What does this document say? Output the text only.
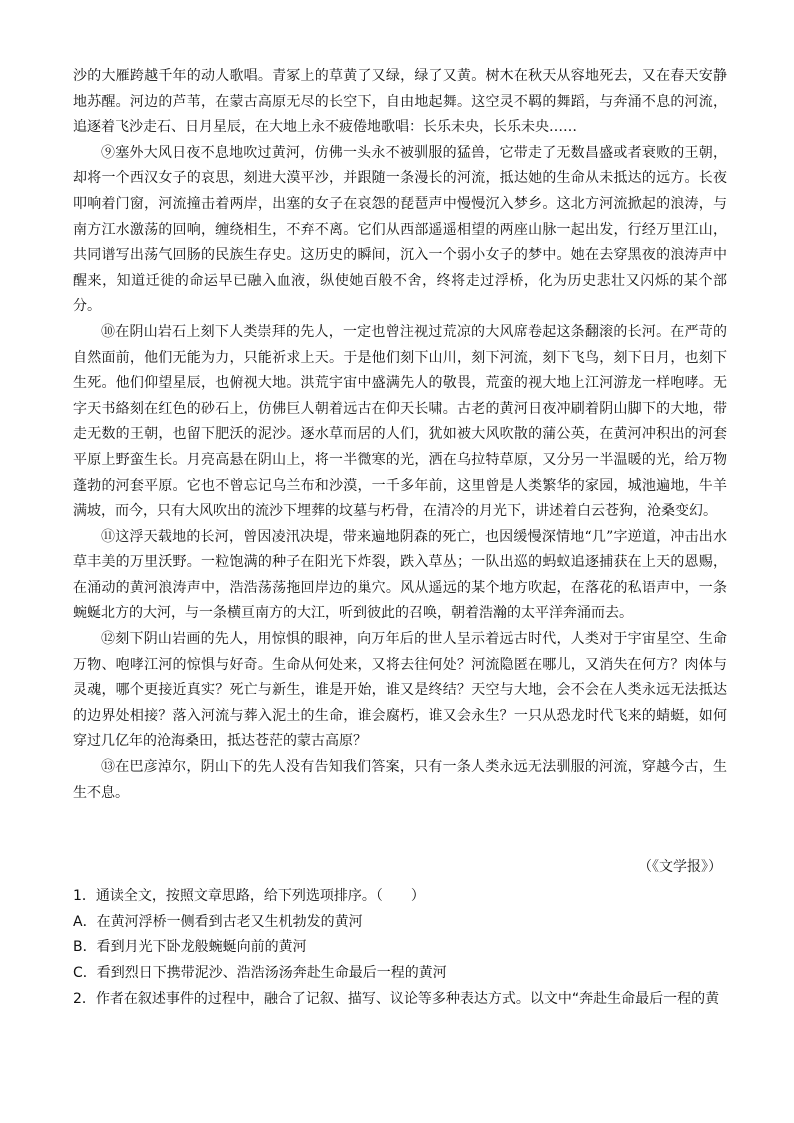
沙的大雁跨越千年的动人歌唱。青冢上的草黄了又绿，绿了又黄。树木在秋天从容地死去，又在春天安静地苏醒。河边的芦苇，在蒙古高原无尽的长空下，自由地起舞。这空灵不羁的舞蹈，与奔涌不息的河流，追逐着飞沙走石、日月星辰，在大地上永不疲倦地歌唱：长乐未央，长乐未央……

⑨塞外大风日夜不息地吹过黄河，仿佛一头永不被驯服的猛兽，它带走了无数昌盛或者衰败的王朝，却将一个西汉女子的哀思，刻进大漠平沙，并跟随一条漫长的河流，抵达她的生命从未抵达的远方。长夜叩响着门窗，河流撞击着两岸，出塞的女子在哀怨的琵琶声中慢慢沉入梦乡。这北方河流掀起的浪涛，与南方江水激荡的回响，缠绕相生，不弃不离。它们从西部遥遥相望的两座山脉一起出发，行经万里江山，共同谱写出荡气回肠的民族生存史。这历史的瞬间，沉入一个弱小女子的梦中。她在去穿黑夜的浪涛声中醒来，知道迁徙的命运早已融入血液，纵使她百般不舍，终将走过浮桥，化为历史悲壮又闪烁的某个部分。

⑩在阴山岩石上刻下人类崇拜的先人，一定也曾注视过荒凉的大风席卷起这条翻滚的长河。在严苛的自然面前，他们无能为力，只能祈求上天。于是他们刻下山川，刻下河流，刻下飞鸟，刻下日月，也刻下生死。他们仰望星辰，也俯视大地。洪荒宇宙中盛满先人的敬畏，荒蛮的视大地上江河游龙一样咆哮。无字天书絡刻在红色的砂石上，仿佛巨人朝着远古在仰天长啸。古老的黄河日夜冲刷着阴山脚下的大地，带走无数的王朝，也留下肥沃的泥沙。逐水草而居的人们，犹如被大风吹散的蒲公英，在黄河冲积出的河套平原上野蛮生长。月亮高悬在阴山上，将一半微寒的光，洒在乌拉特草原，又分另一半温暖的光，给万物蓬勃的河套平原。它也不曾忘记乌兰布和沙漠，一千多年前，这里曾是人类繁华的家园，城池遍地，牛羊满坡，而今，只有大风吹出的流沙下埋葬的坟墓与朽骨，在清冷的月光下，讲述着白云苍狗，沧桑变幻。

⑪这浮天载地的长河，曾因凌汛决堤，带来遍地阴森的死亡，也因缓慢深情地“几”字逆道，冲击出水草丰美的万里沃野。一粒饱满的种子在阳光下炸裂，跌入草丛；一队出巡的蚂蚁追逐捕获在上天的恩赐，在涌动的黄河浪涛声中，浩浩荡荡拖回岸边的巢穴。风从遥远的某个地方吹起，在落花的私语声中，一条蜿蜒北方的大河，与一条横亘南方的大江，听到彼此的召唤，朝着浩瀚的太平洋奔涌而去。

⑫刻下阴山岩画的先人，用惊惧的眼神，向万年后的世人呈示着远古时代，人类对于宇宙星空、生命万物、咆哮江河的惊惧与好奇。生命从何处来，又将去往何处？河流隐匿在哪儿，又消失在何方？肉体与灵魂，哪个更接近真实？死亡与新生，谁是开始，谁又是终结？天空与大地，会不会在人类永远无法抵达的边界处相接？落入河流与葬入泥土的生命，谁会腐朽，谁又会永生？一只从恐龙时代飞来的蜻蜓，如何穿过几亿年的沧海桑田，抵达苍茫的蒙古高原？

⑬在巴彦淖尔，阴山下的先人没有告知我们答案，只有一条人类永远无法驯服的河流，穿越今古，生生不息。

（《文学报》）
1．通读全文，按照文章思路，给下列选项排序。（　　）
A．在黄河浮桥一侧看到古老又生机勃发的黄河
B．看到月光下卧龙般蜿蜒向前的黄河
C．看到烈日下携带泥沙、浩浩汤汤奔赴生命最后一程的黄河
2．作者在叙述事件的过程中，融合了记叙、描写、议论等多种表达方式。以文中“奔赴生命最后一程的黄
